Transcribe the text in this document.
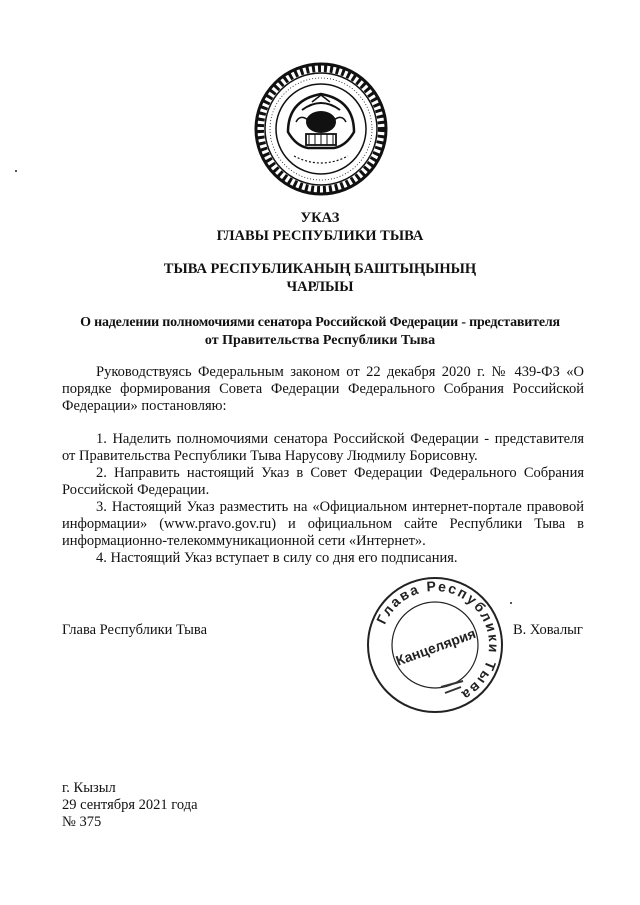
УКАЗ
ГЛАВЫ РЕСПУБЛИКИ ТЫВА
ТЫВА РЕСПУБЛИКАНЫҢ БАШТЫҢЫНЫҢ
ЧАРЛЫЫ
О наделении полномочиями сенатора Российской Федерации - представителя
от Правительства Республики Тыва

Руководствуясь Федеральным законом от 22 декабря 2020 г. № 439-ФЗ «О порядке формирования Совета Федерации Федерального Собрания Российской Федерации» постановляю:

1. Наделить полномочиями сенатора Российской Федерации - представителя от Правительства Республики Тыва Нарусову Людмилу Борисовну.

2. Направить настоящий Указ в Совет Федерации Федерального Собрания Российской Федерации.

3. Настоящий Указ разместить на «Официальном интернет-портале правовой информации» (www.pravo.gov.ru) и официальном сайте Республики Тыва в информационно-телекоммуникационной сети «Интернет».

4. Настоящий Указ вступает в силу со дня его подписания.

Глава Республики Тыва
Канцелярия
Глава Республики Тыва	В. Ховалыг
г. Кызыл
29 сентября 2021 года
№ 375
